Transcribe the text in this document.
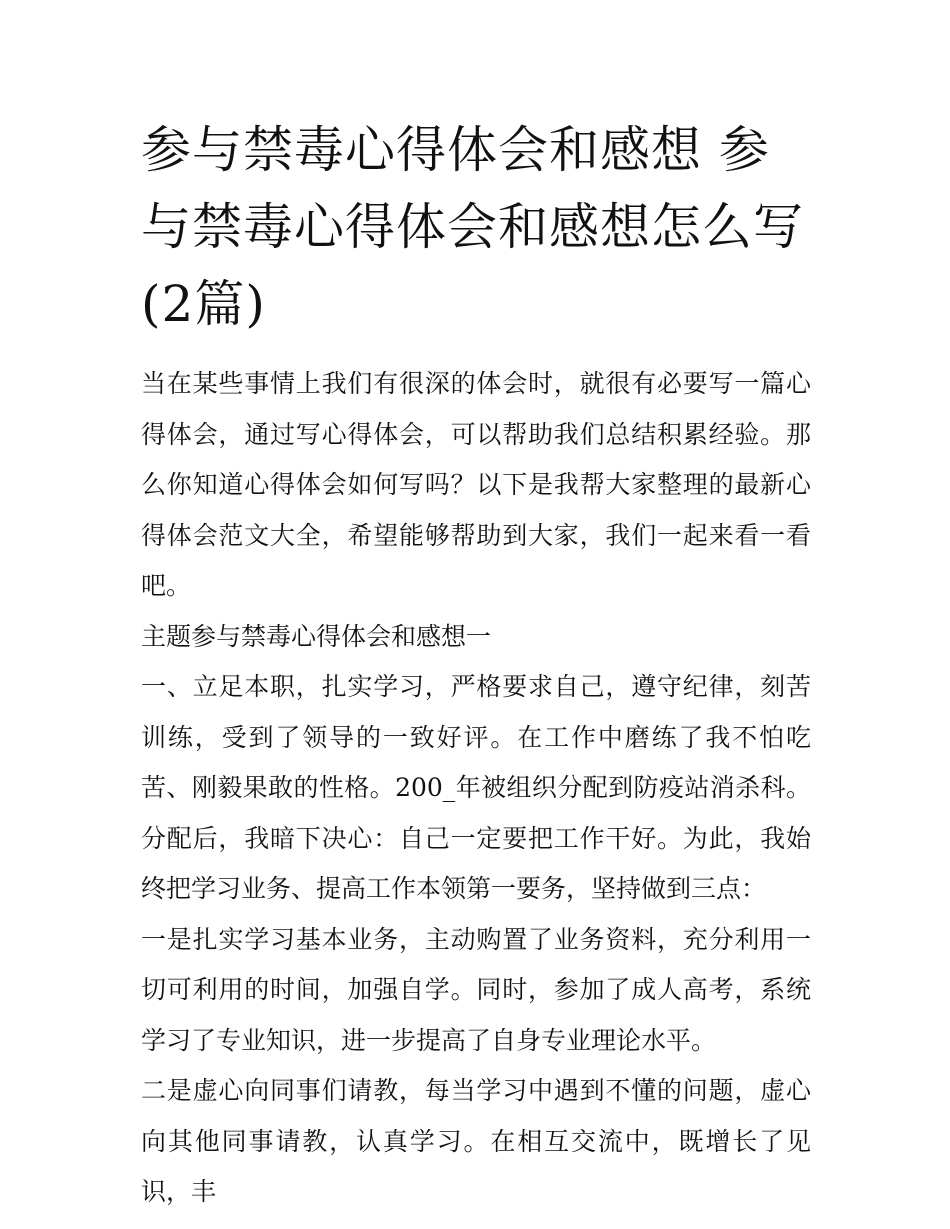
参与禁毒心得体会和感想 参与禁毒心得体会和感想怎么写(2篇)

当在某些事情上我们有很深的体会时，就很有必要写一篇心得体会，通过写心得体会，可以帮助我们总结积累经验。那么你知道心得体会如何写吗？以下是我帮大家整理的最新心得体会范文大全，希望能够帮助到大家，我们一起来看一看吧。

主题参与禁毒心得体会和感想一

一、立足本职，扎实学习，严格要求自己，遵守纪律，刻苦训练，受到了领导的一致好评。在工作中磨练了我不怕吃苦、刚毅果敢的性格。200_年被组织分配到防疫站消杀科。分配后，我暗下决心：自己一定要把工作干好。为此，我始终把学习业务、提高工作本领第一要务，坚持做到三点：

一是扎实学习基本业务，主动购置了业务资料，充分利用一切可利用的时间，加强自学。同时，参加了成人高考，系统学习了专业知识，进一步提高了自身专业理论水平。

二是虚心向同事们请教，每当学习中遇到不懂的问题，虚心向其他同事请教，认真学习。在相互交流中，既增长了见识，丰
